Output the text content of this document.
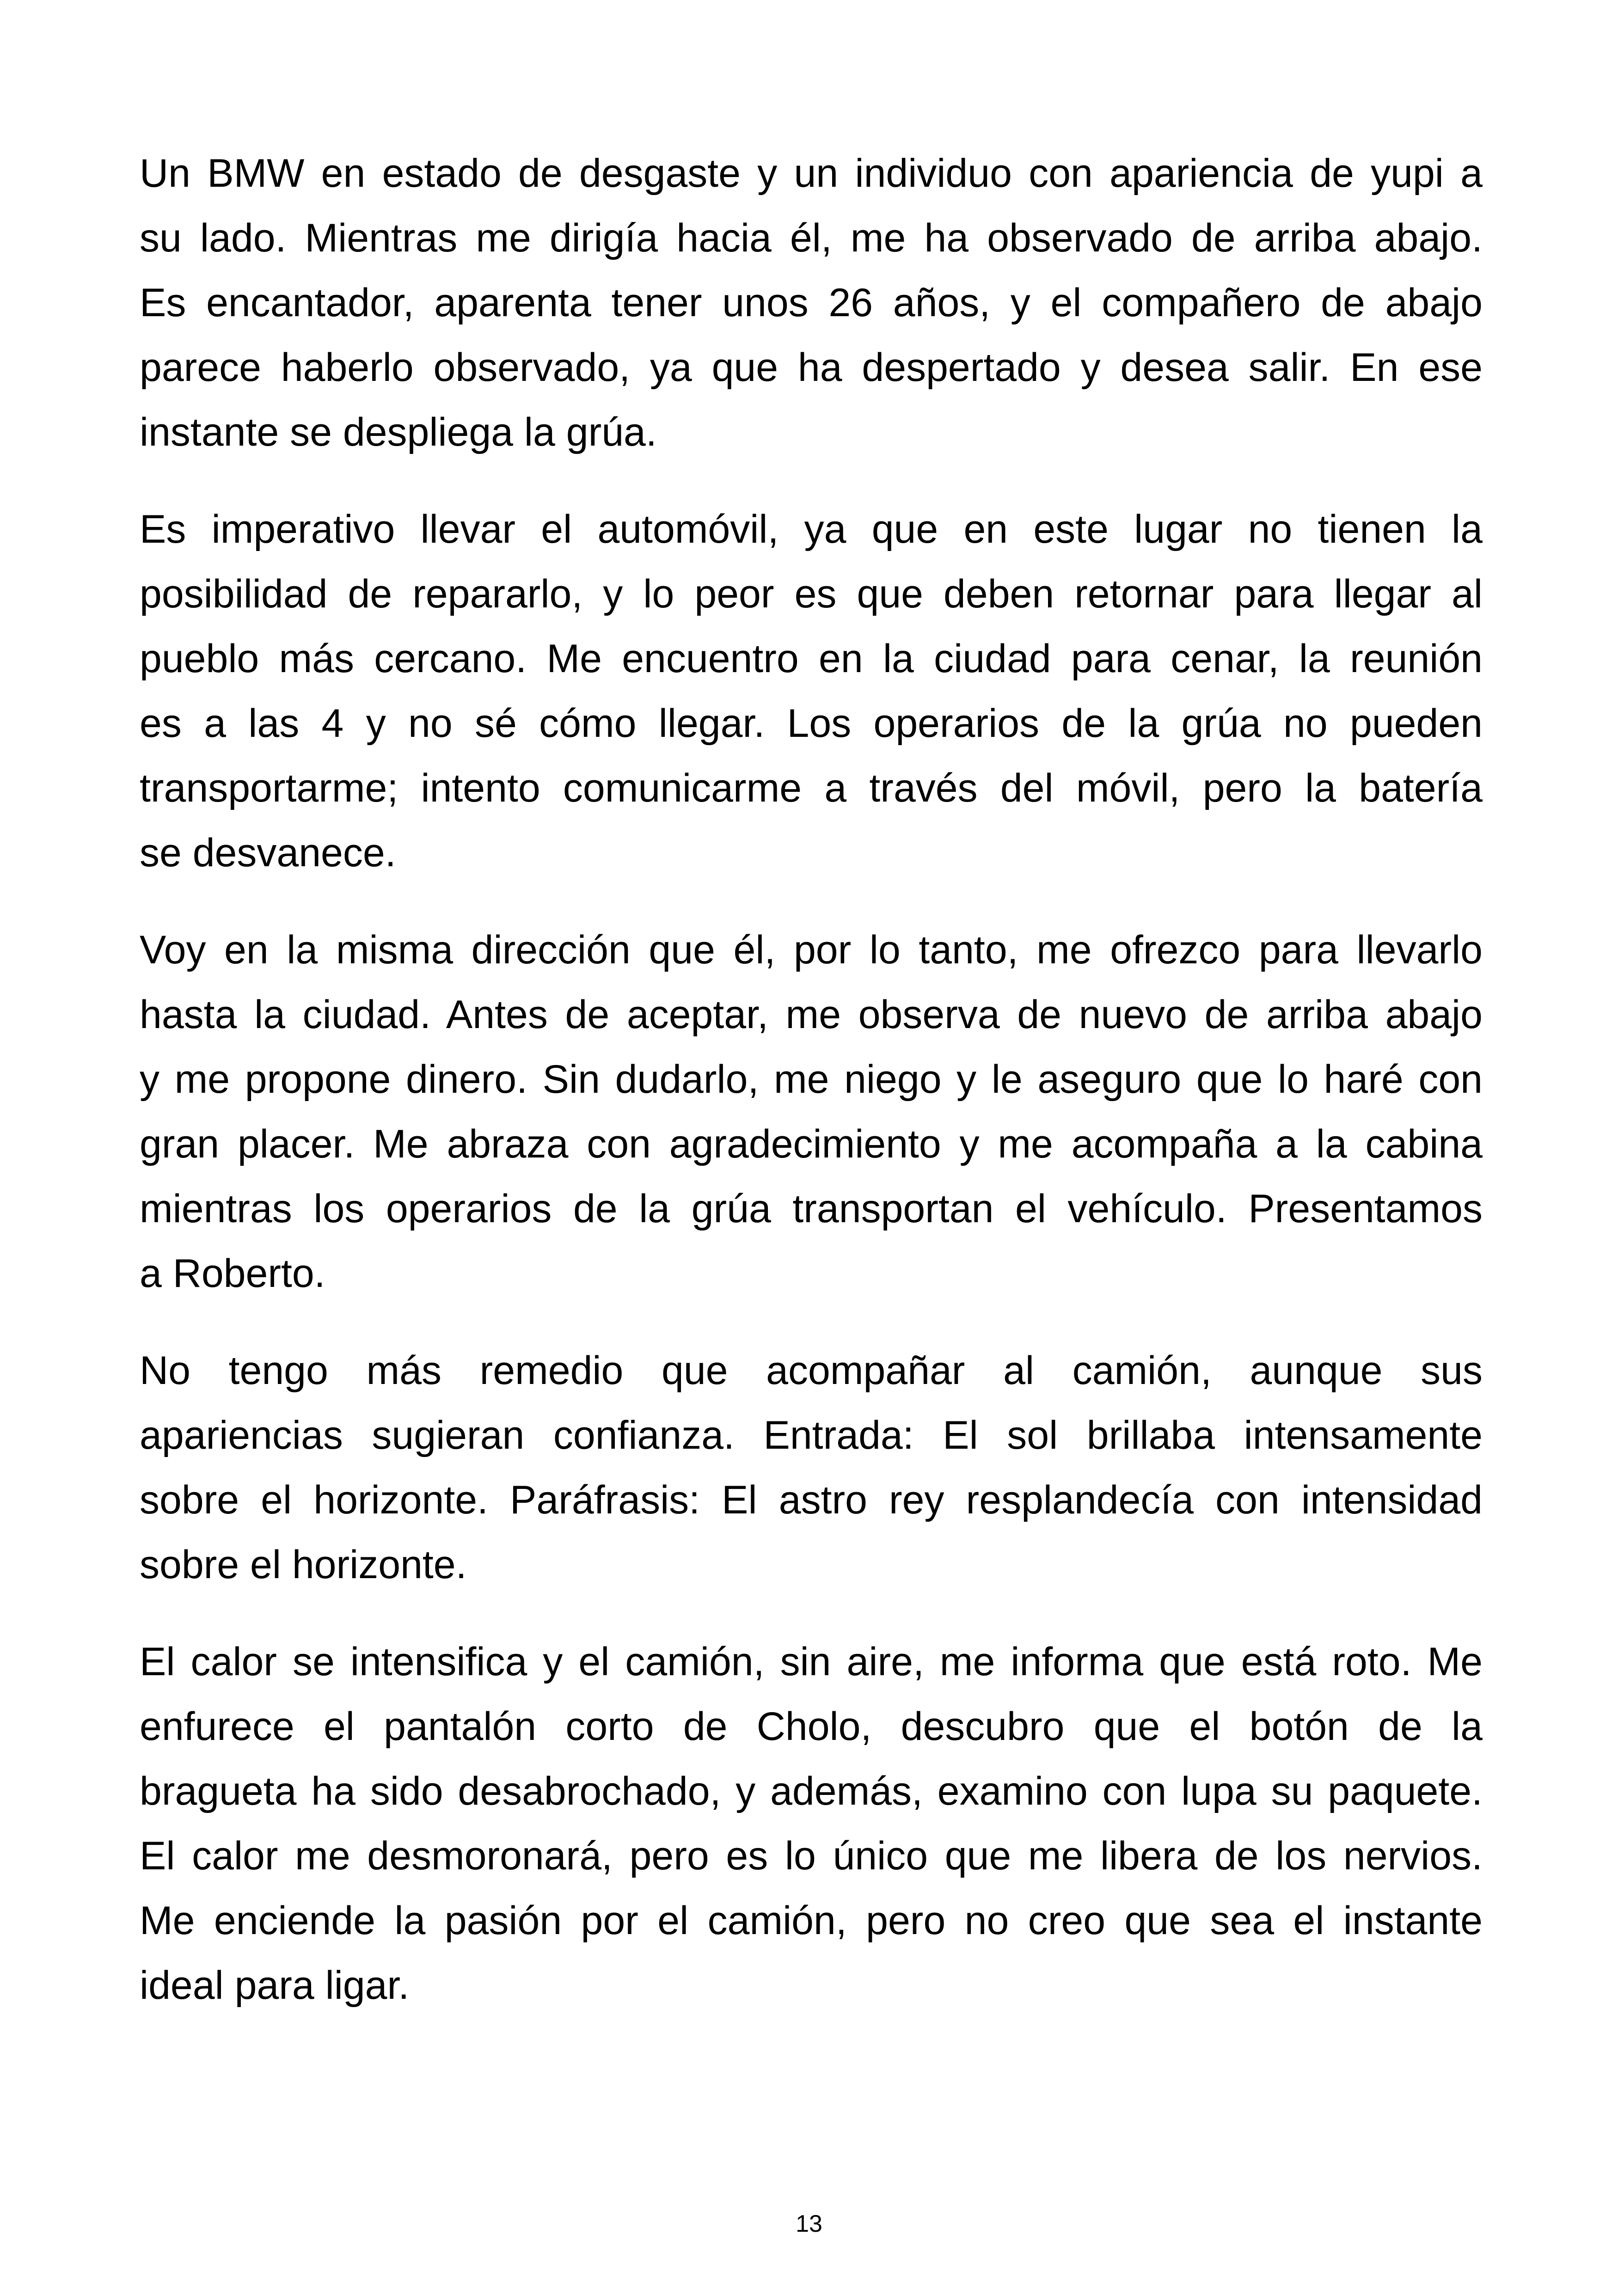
Un BMW en estado de desgaste y un individuo con apariencia de yupi a
su lado. Mientras me dirigía hacia él, me ha observado de arriba abajo.
Es encantador, aparenta tener unos 26 años, y el compañero de abajo
parece haberlo observado, ya que ha despertado y desea salir. En ese
instante se despliega la grúa.
Es imperativo llevar el automóvil, ya que en este lugar no tienen la
posibilidad de repararlo, y lo peor es que deben retornar para llegar al
pueblo más cercano. Me encuentro en la ciudad para cenar, la reunión
es a las 4 y no sé cómo llegar. Los operarios de la grúa no pueden
transportarme; intento comunicarme a través del móvil, pero la batería
se desvanece.
Voy en la misma dirección que él, por lo tanto, me ofrezco para llevarlo
hasta la ciudad. Antes de aceptar, me observa de nuevo de arriba abajo
y me propone dinero. Sin dudarlo, me niego y le aseguro que lo haré con
gran placer. Me abraza con agradecimiento y me acompaña a la cabina
mientras los operarios de la grúa transportan el vehículo. Presentamos
a Roberto.
No tengo más remedio que acompañar al camión, aunque sus
apariencias sugieran confianza. Entrada: El sol brillaba intensamente
sobre el horizonte. Paráfrasis: El astro rey resplandecía con intensidad
sobre el horizonte.
El calor se intensifica y el camión, sin aire, me informa que está roto. Me
enfurece el pantalón corto de Cholo, descubro que el botón de la
bragueta ha sido desabrochado, y además, examino con lupa su paquete.
El calor me desmoronará, pero es lo único que me libera de los nervios.
Me enciende la pasión por el camión, pero no creo que sea el instante
ideal para ligar.
13
